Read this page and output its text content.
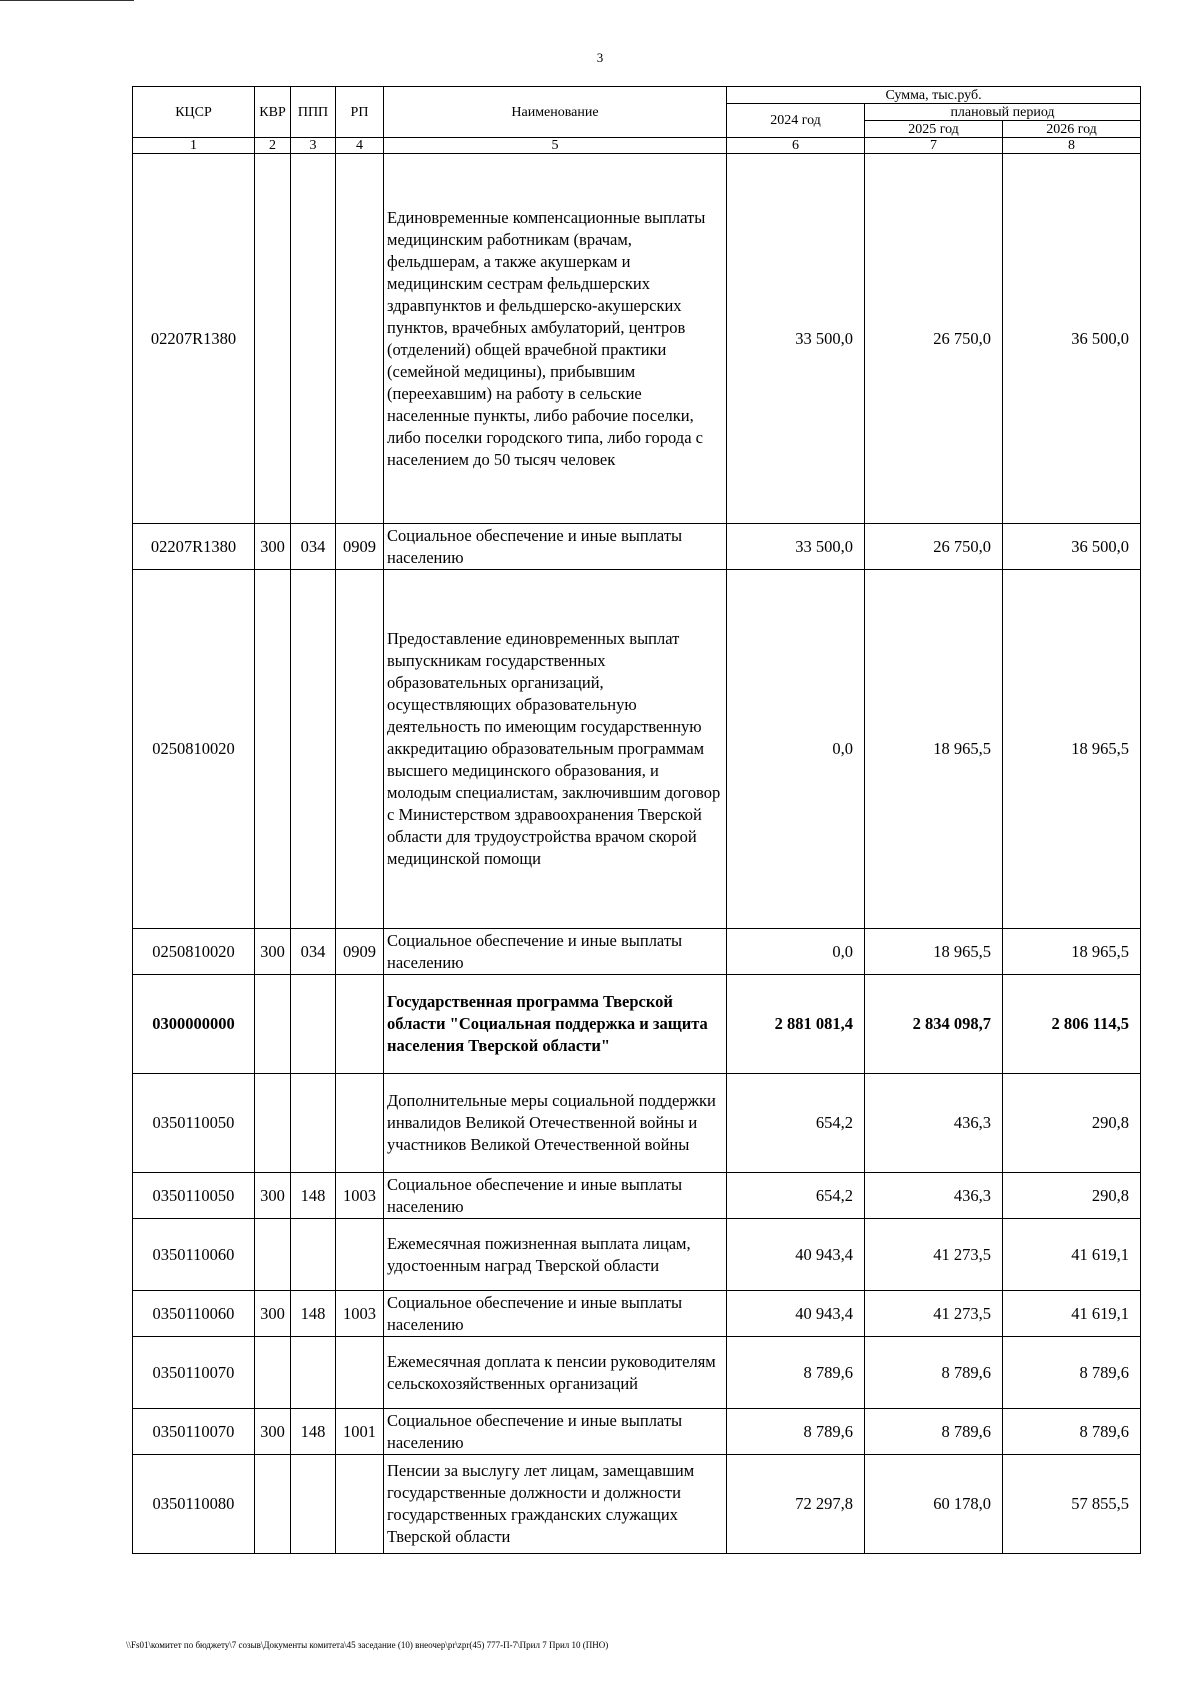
3
КЦСР	КВР	ППП	РП	Наименование	Сумма, тыс.руб.		
					2024 год	плановый период	
						2025 год	2026 год
1	2	3	4	5	6	7	8
02207R1380				Единовременные компенсационные выплаты медицинским работникам (врачам, фельдшерам, а также акушеркам и медицинским сестрам фельдшерских здравпунктов и фельдшерско-акушерских пунктов, врачебных амбулаторий, центров (отделений) общей врачебной практики (семейной медицины), прибывшим (переехавшим) на работу в сельские населенные пункты, либо рабочие поселки, либо поселки городского типа, либо города с населением до 50 тысяч человек	33 500,0	26 750,0	36 500,0
02207R1380	300	034	0909	Социальное обеспечение и иные выплаты населению	33 500,0	26 750,0	36 500,0
0250810020				Предоставление единовременных выплат выпускникам государственных образовательных организаций, осуществляющих образовательную деятельность по имеющим государственную аккредитацию образовательным программам высшего медицинского образования, и молодым специалистам, заключившим договор с Министерством здравоохранения Тверской области для трудоустройства врачом скорой медицинской помощи	0,0	18 965,5	18 965,5
0250810020	300	034	0909	Социальное обеспечение и иные выплаты населению	0,0	18 965,5	18 965,5
0300000000				Государственная программа Тверской области "Социальная поддержка и защита населения Тверской области"	2 881 081,4	2 834 098,7	2 806 114,5
0350110050				Дополнительные меры социальной поддержки инвалидов Великой Отечественной войны и участников Великой Отечественной войны	654,2	436,3	290,8
0350110050	300	148	1003	Социальное обеспечение и иные выплаты населению	654,2	436,3	290,8
0350110060				Ежемесячная пожизненная выплата лицам, удостоенным наград Тверской области	40 943,4	41 273,5	41 619,1
0350110060	300	148	1003	Социальное обеспечение и иные выплаты населению	40 943,4	41 273,5	41 619,1
0350110070				Ежемесячная доплата к пенсии руководителям сельскохозяйственных организаций	8 789,6	8 789,6	8 789,6
0350110070	300	148	1001	Социальное обеспечение и иные выплаты населению	8 789,6	8 789,6	8 789,6
0350110080				Пенсии за выслугу лет лицам, замещавшим государственные должности и должности государственных гражданских служащих Тверской области	72 297,8	60 178,0	57 855,5
\\Fs01\комитет по бюджету\7 созыв\Документы комитета\45 заседание (10) внеочер\pr\zpr(45) 777-П-7\Прил 7 Прил 10 (ПНО)
